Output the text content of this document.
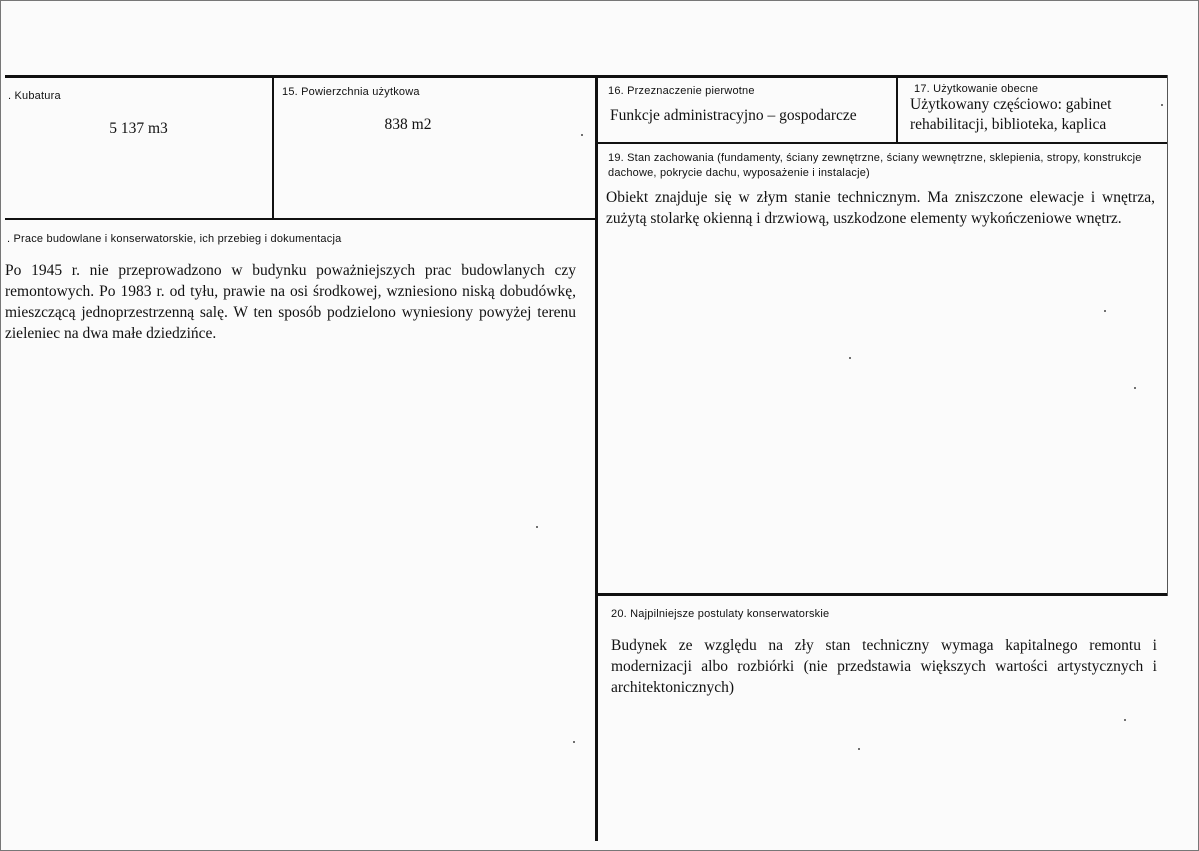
. Kubatura
5 137 m3
15. Powierzchnia użytkowa
838 m2
16. Przeznaczenie pierwotne
Funkcje administracyjno – gospodarcze
17. Użytkowanie obecne
Użytkowany częściowo: gabinet rehabilitacji, biblioteka, kaplica
19. Stan zachowania (fundamenty, ściany zewnętrzne, ściany wewnętrzne, sklepienia, stropy, konstrukcje dachowe, pokrycie dachu, wyposażenie i instalacje)
Obiekt znajduje się w złym stanie technicznym. Ma zniszczone elewacje i wnętrza, zużytą stolarkę okienną i drzwiową, uszkodzone elementy wykończeniowe wnętrz.
. Prace budowlane i konserwatorskie, ich przebieg i dokumentacja
Po 1945 r. nie przeprowadzono w budynku poważniejszych prac budowlanych czy remontowych. Po 1983 r. od tyłu, prawie na osi środkowej, wzniesiono niską dobudówkę, mieszczącą jednoprzestrzenną salę. W ten sposób podzielono wyniesiony powyżej terenu zieleniec na dwa małe dziedzińce.
20. Najpilniejsze postulaty konserwatorskie
Budynek ze względu na zły stan techniczny wymaga kapitalnego remontu i modernizacji albo rozbiórki (nie przedstawia większych wartości artystycznych i architektonicznych)
